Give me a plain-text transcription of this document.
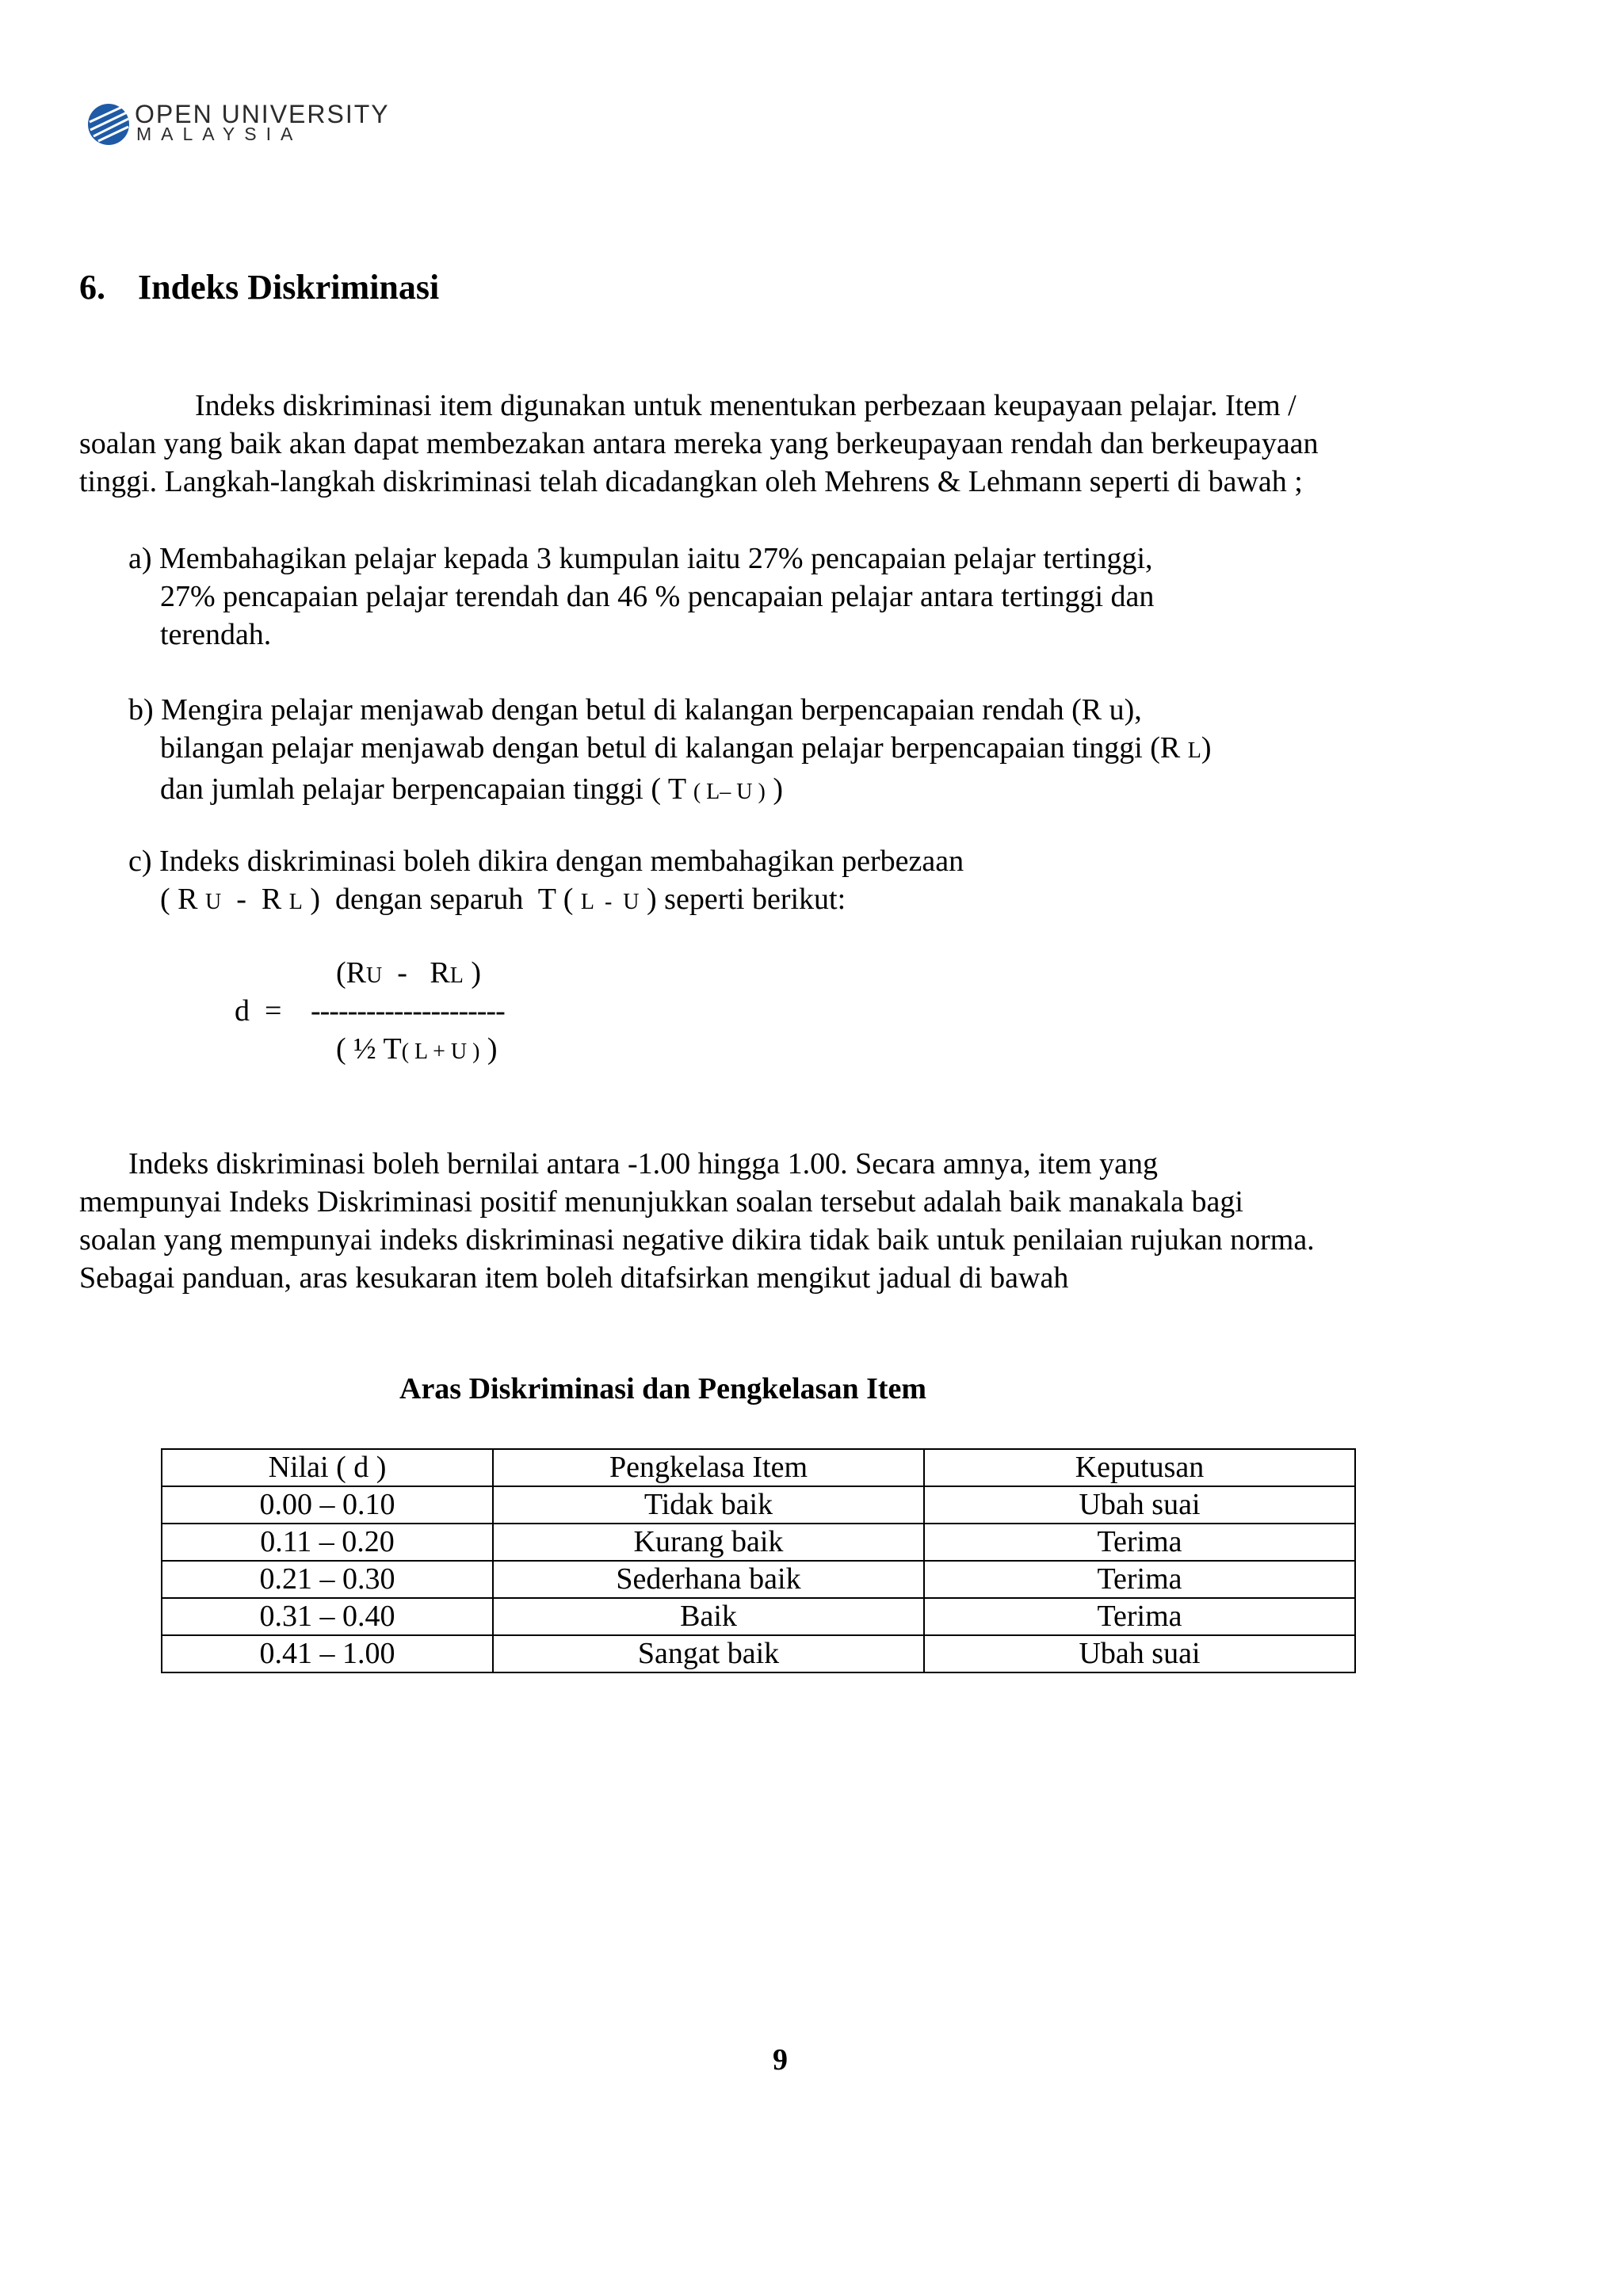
OPEN UNIVERSITY
MALAYSIA
6. Indeks Diskriminasi
Indeks diskriminasi item digunakan untuk menentukan perbezaan keupayaan pelajar. Item /
soalan yang baik akan dapat membezakan antara mereka yang berkeupayaan rendah dan berkeupayaan
tinggi. Langkah-langkah diskriminasi telah dicadangkan oleh Mehrens & Lehmann seperti di bawah ;
a) Membahagikan pelajar kepada 3 kumpulan iaitu 27% pencapaian pelajar tertinggi,
27% pencapaian pelajar terendah dan 46 % pencapaian pelajar antara tertinggi dan
terendah.
b) Mengira pelajar menjawab dengan betul di kalangan berpencapaian rendah (R u),
bilangan pelajar menjawab dengan betul di kalangan pelajar berpencapaian tinggi (R L)
dan jumlah pelajar berpencapaian tinggi ( T ( L– U ) )
c) Indeks diskriminasi boleh dikira dengan membahagikan perbezaan
( R U  -  R L )  dengan separuh  T ( L  -  U ) seperti berikut:
(RU  -   RL )
d  = ---------------------
( ½ T( L + U ) )
Indeks diskriminasi boleh bernilai antara -1.00 hingga 1.00. Secara amnya, item yang
mempunyai Indeks Diskriminasi positif menunjukkan soalan tersebut adalah baik manakala bagi
soalan yang mempunyai indeks diskriminasi negative dikira tidak baik untuk penilaian rujukan norma.
Sebagai panduan, aras kesukaran item boleh ditafsirkan mengikut jadual di bawah
Aras Diskriminasi dan Pengkelasan Item
Nilai ( d )	Pengkelasa Item	Keputusan
0.00 – 0.10	Tidak baik	Ubah suai
0.11 – 0.20	Kurang baik	Terima
0.21 – 0.30	Sederhana baik	Terima
0.31 – 0.40	Baik	Terima
0.41 – 1.00	Sangat baik	Ubah suai
9
